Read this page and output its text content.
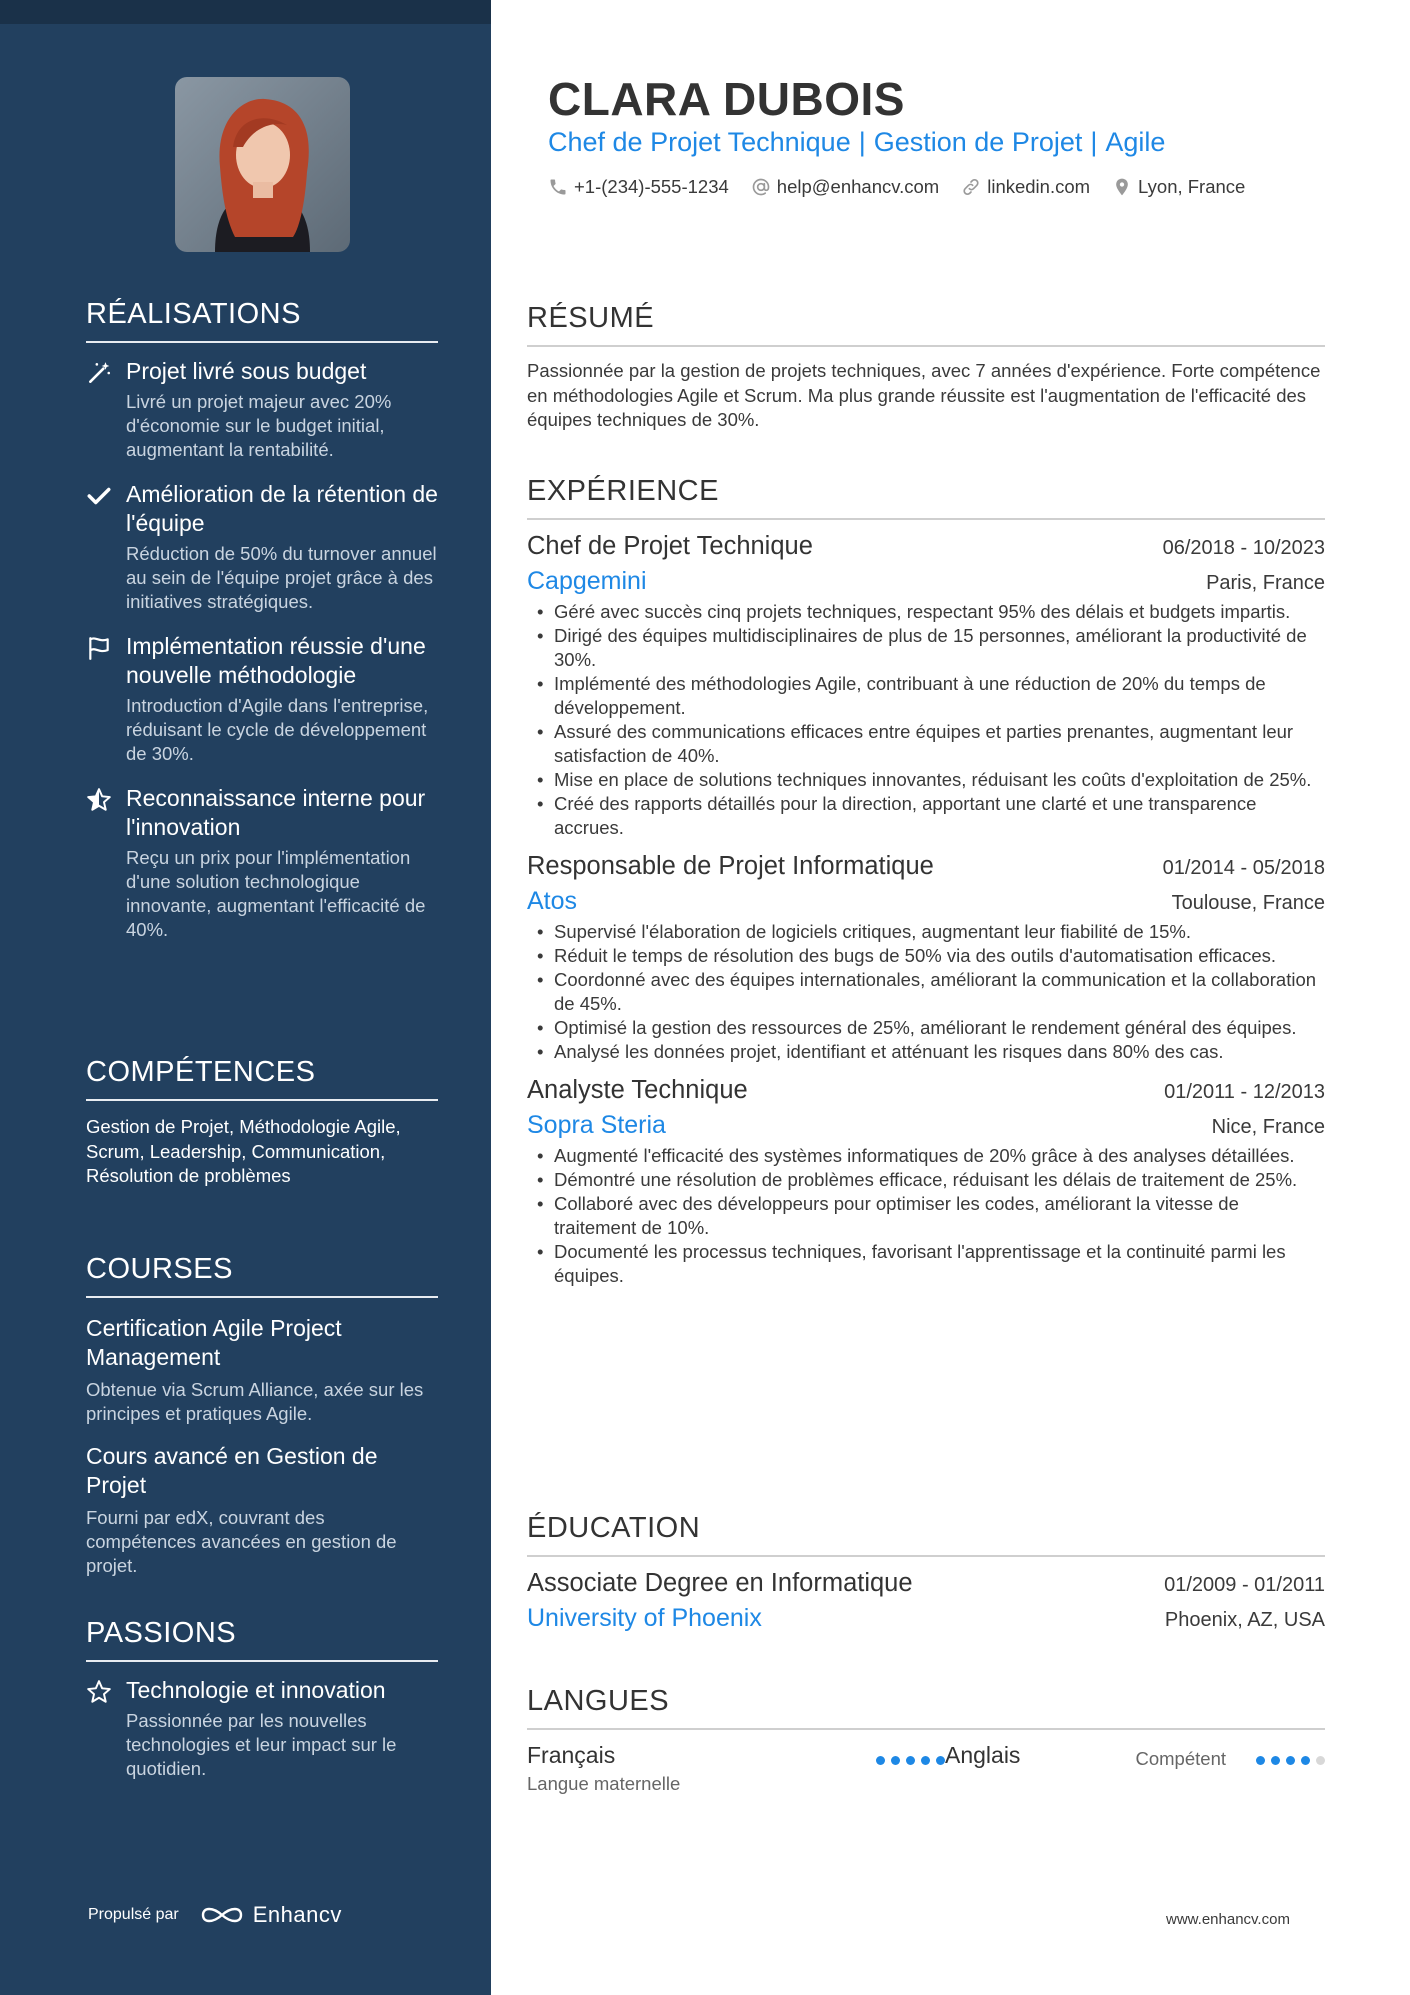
RÉALISATIONS
Projet livré sous budget
Livré un projet majeur avec 20% d'économie sur le budget initial, augmentant la rentabilité.
Amélioration de la rétention de l'équipe
Réduction de 50% du turnover annuel au sein de l'équipe projet grâce à des initiatives stratégiques.
Implémentation réussie d'une nouvelle méthodologie
Introduction d'Agile dans l'entreprise, réduisant le cycle de développement de 30%.
Reconnaissance interne pour l'innovation
Reçu un prix pour l'implémentation d'une solution technologique innovante, augmentant l'efficacité de 40%.
COMPÉTENCES
Gestion de Projet, Méthodologie Agile, Scrum, Leadership, Communication, Résolution de problèmes
COURSES
Certification Agile Project Management
Obtenue via Scrum Alliance, axée sur les principes et pratiques Agile.
Cours avancé en Gestion de Projet
Fourni par edX, couvrant des compétences avancées en gestion de projet.
PASSIONS
Technologie et innovation
Passionnée par les nouvelles technologies et leur impact sur le quotidien.
Propulsé par	Enhancv
CLARA DUBOIS
Chef de Projet Technique | Gestion de Projet | Agile
+1-(234)-555-1234	help@enhancv.com	linkedin.com	Lyon, France
RÉSUMÉ
Passionnée par la gestion de projets techniques, avec 7 années d'expérience. Forte compétence en méthodologies Agile et Scrum. Ma plus grande réussite est l'augmentation de l'efficacité des équipes techniques de 30%.
EXPÉRIENCE
Chef de Projet Technique	06/2018 - 10/2023
Capgemini	Paris, France
• Géré avec succès cinq projets techniques, respectant 95% des délais et budgets impartis.
• Dirigé des équipes multidisciplinaires de plus de 15 personnes, améliorant la productivité de 30%.
• Implémenté des méthodologies Agile, contribuant à une réduction de 20% du temps de développement.
• Assuré des communications efficaces entre équipes et parties prenantes, augmentant leur satisfaction de 40%.
• Mise en place de solutions techniques innovantes, réduisant les coûts d'exploitation de 25%.
• Créé des rapports détaillés pour la direction, apportant une clarté et une transparence accrues.
Responsable de Projet Informatique	01/2014 - 05/2018
Atos	Toulouse, France
• Supervisé l'élaboration de logiciels critiques, augmentant leur fiabilité de 15%.
• Réduit le temps de résolution des bugs de 50% via des outils d'automatisation efficaces.
• Coordonné avec des équipes internationales, améliorant la communication et la collaboration de 45%.
• Optimisé la gestion des ressources de 25%, améliorant le rendement général des équipes.
• Analysé les données projet, identifiant et atténuant les risques dans 80% des cas.
Analyste Technique	01/2011 - 12/2013
Sopra Steria	Nice, France
• Augmenté l'efficacité des systèmes informatiques de 20% grâce à des analyses détaillées.
• Démontré une résolution de problèmes efficace, réduisant les délais de traitement de 25%.
• Collaboré avec des développeurs pour optimiser les codes, améliorant la vitesse de traitement de 10%.
• Documenté les processus techniques, favorisant l'apprentissage et la continuité parmi les équipes.
ÉDUCATION
Associate Degree en Informatique	01/2009 - 01/2011
University of Phoenix	Phoenix, AZ, USA
LANGUES
Français
Langue maternelle
Anglais	Compétent
www.enhancv.com
